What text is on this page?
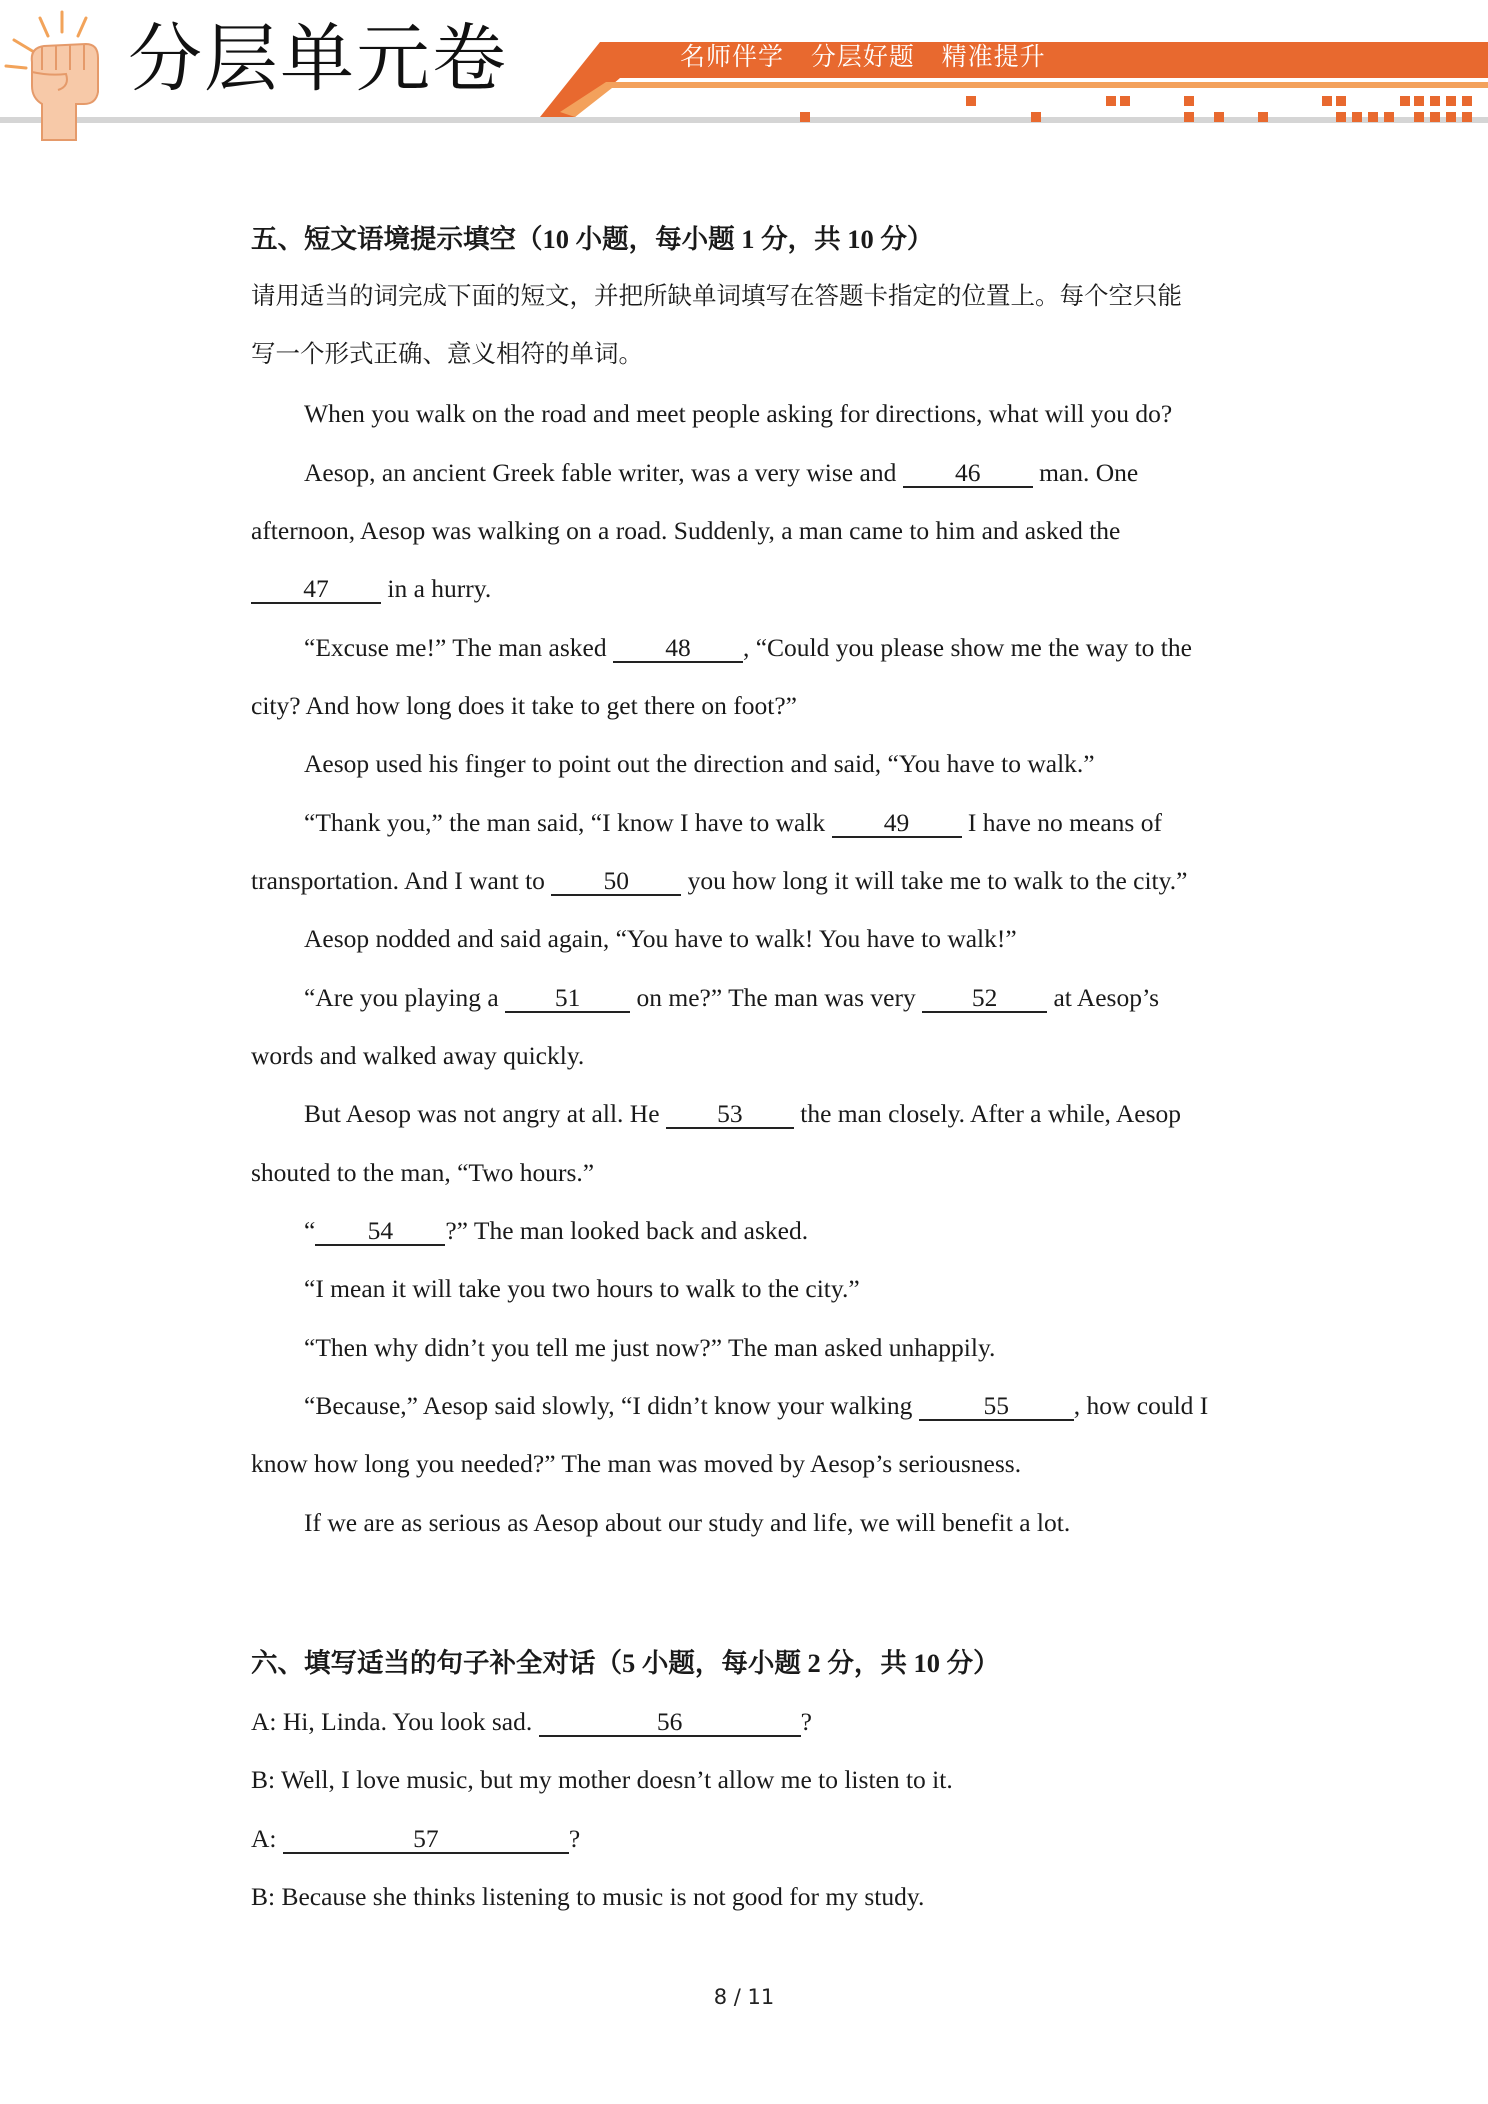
分层单元卷	名师伴学   分层好题   精准提升
五、短文语境提示填空（10 小题，每小题 1 分，共 10 分）
请用适当的词完成下面的短文，并把所缺单词填写在答题卡指定的位置上。每个空只能
写一个形式正确、意义相符的单词。
When you walk on the road and meet people asking for directions, what will you do?
Aesop, an ancient Greek fable writer, was a very wise and 46 man. One
afternoon, Aesop was walking on a road. Suddenly, a man came to him and asked the
47 in a hurry.
“Excuse me!” The man asked 48 , “Could you please show me the way to the
city? And how long does it take to get there on foot?”
Aesop used his finger to point out the direction and said, “You have to walk.”
“Thank you,” the man said, “I know I have to walk 49 I have no means of
transportation. And I want to 50 you how long it will take me to walk to the city.”
Aesop nodded and said again, “You have to walk! You have to walk!”
“Are you playing a 51 on me?” The man was very 52 at Aesop’s
words and walked away quickly.
But Aesop was not angry at all. He 53 the man closely. After a while, Aesop
shouted to the man, “Two hours.”
“ 54 ?” The man looked back and asked.
“I mean it will take you two hours to walk to the city.”
“Then why didn’t you tell me just now?” The man asked unhappily.
“Because,” Aesop said slowly, “I didn’t know your walking	55	, how could I
know how long you needed?” The man was moved by Aesop’s seriousness.
If we are as serious as Aesop about our study and life, we will benefit a lot.
六、填写适当的句子补全对话（5 小题，每小题 2 分，共 10 分）
A: Hi, Linda. You look sad.	56	?
B: Well, I love music, but my mother doesn’t allow me to listen to it.
A:	57	?
B: Because she thinks listening to music is not good for my study.
8 / 11
